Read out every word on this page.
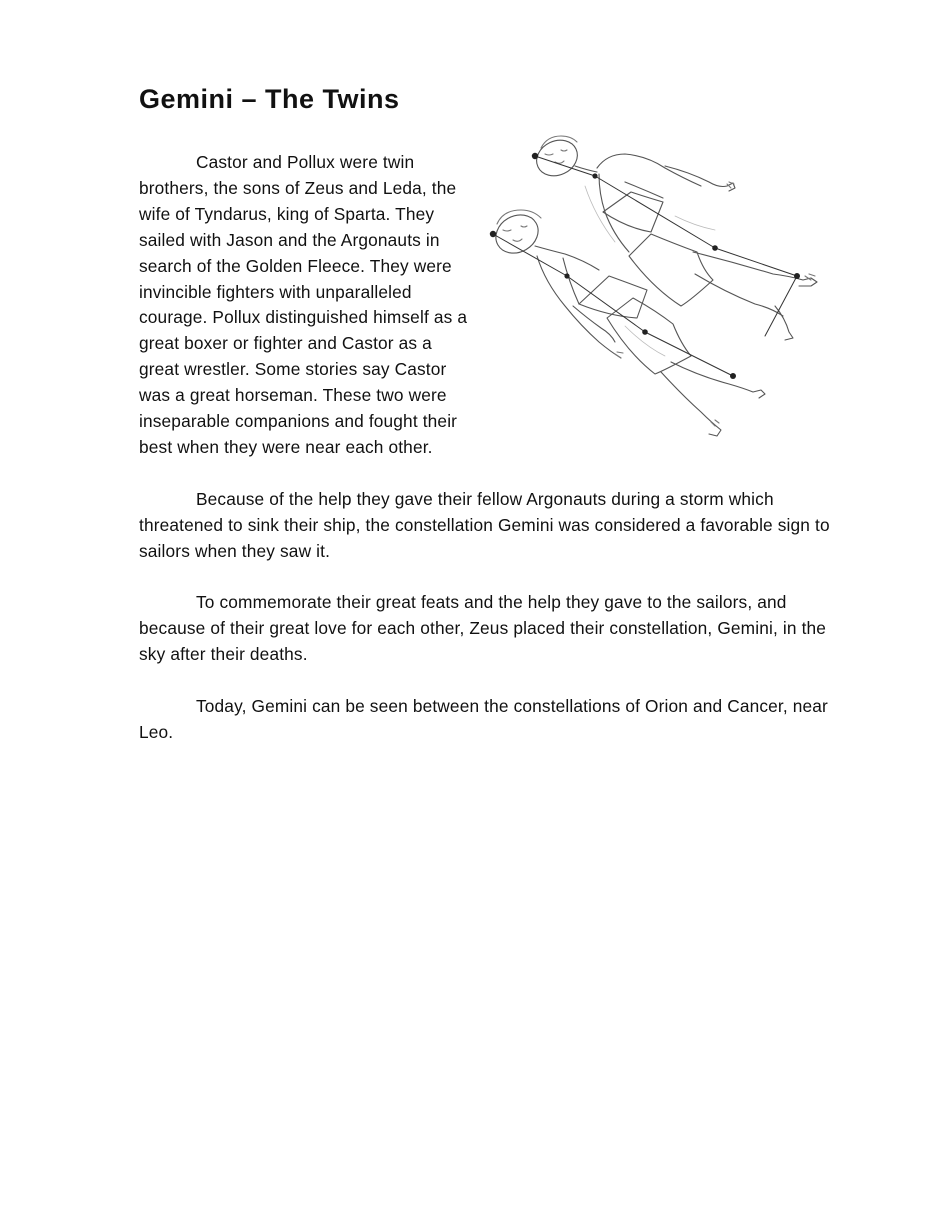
Gemini – The Twins

Castor and Pollux were twin brothers, the sons of Zeus and Leda, the wife of Tyndarus, king of Sparta. They sailed with Jason and the Argonauts in search of the Golden Fleece. They were invincible fighters with unparalleled courage. Pollux distinguished himself as a great boxer or fighter and Castor as a great wrestler. Some stories say Castor was a great horseman. These two were inseparable companions and fought their best when they were near each other.

Because of the help they gave their fellow Argonauts during a storm which threatened to sink their ship, the constellation Gemini was considered a favorable sign to sailors when they saw it.

To commemorate their great feats and the help they gave to the sailors, and because of their great love for each other, Zeus placed their constellation, Gemini, in the sky after their deaths.

Today, Gemini can be seen between the constellations of Orion and Cancer, near Leo.
